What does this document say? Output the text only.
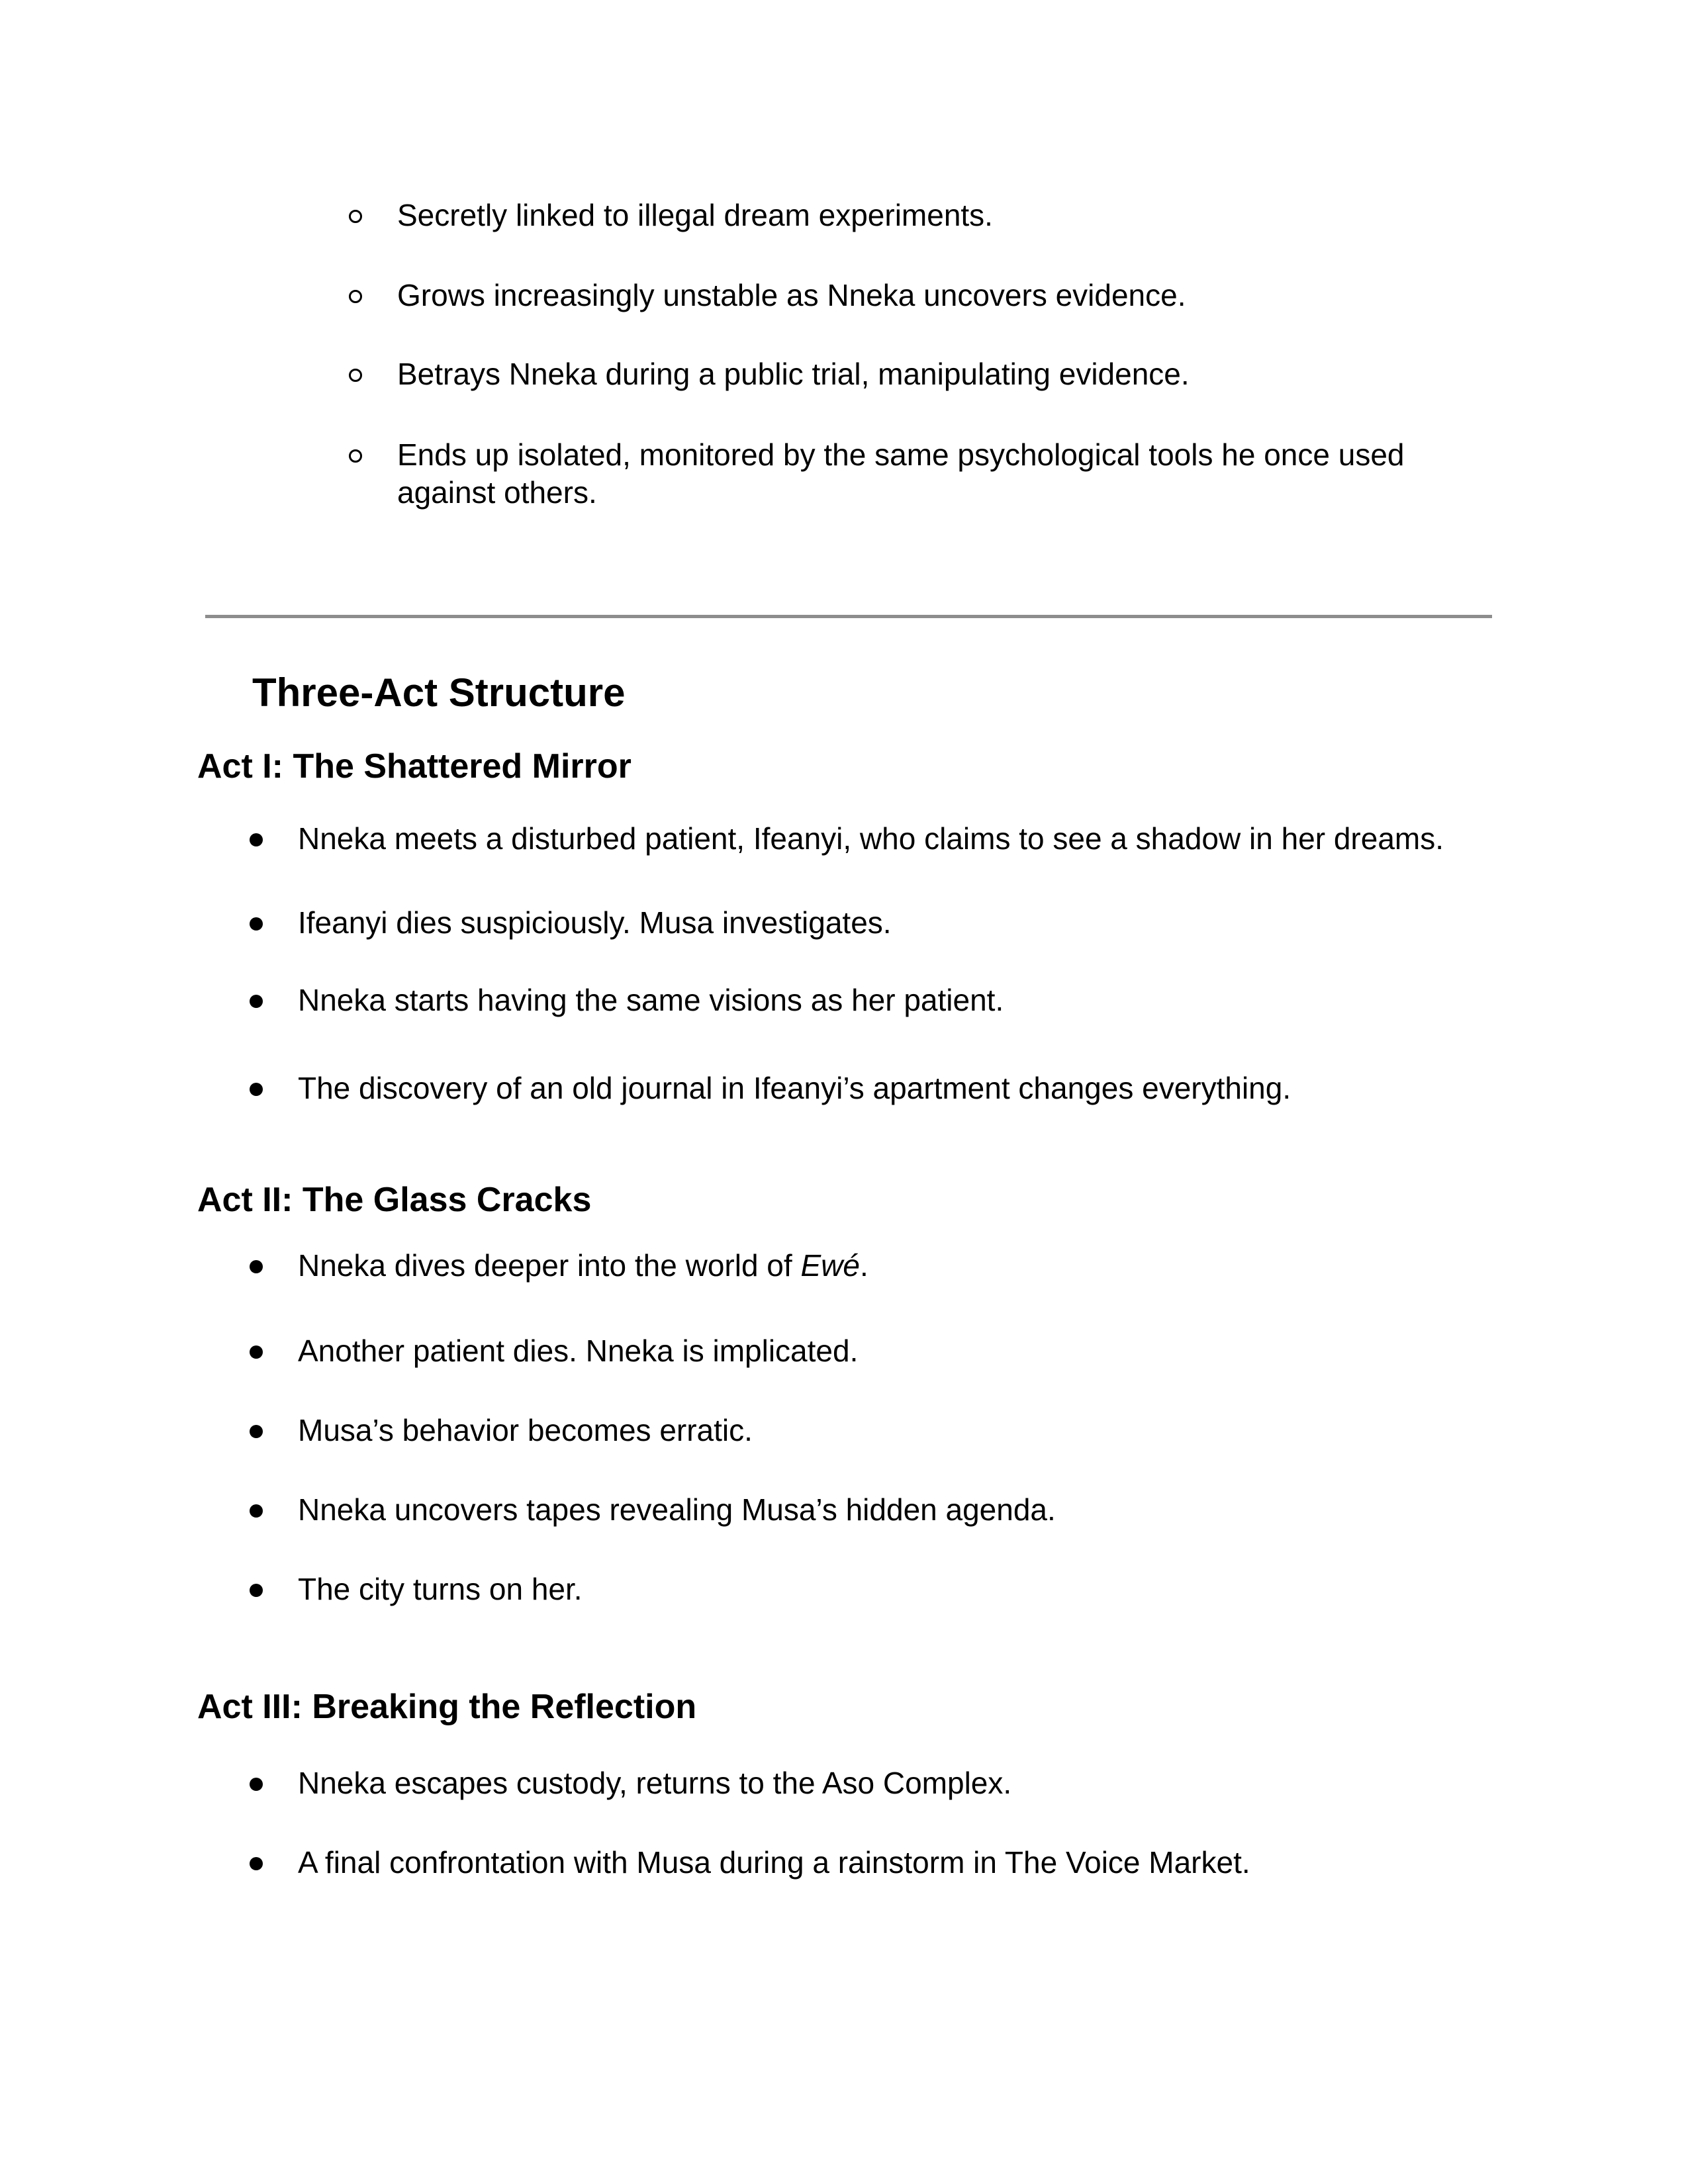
Secretly linked to illegal dream experiments.
Grows increasingly unstable as Nneka uncovers evidence.
Betrays Nneka during a public trial, manipulating evidence.
Ends up isolated, monitored by the same psychological tools he once used
against others.
Three-Act Structure
Act I: The Shattered Mirror
Nneka meets a disturbed patient, Ifeanyi, who claims to see a shadow in her dreams.
Ifeanyi dies suspiciously. Musa investigates.
Nneka starts having the same visions as her patient.
The discovery of an old journal in Ifeanyi’s apartment changes everything.
Act II: The Glass Cracks
Nneka dives deeper into the world of Ewé.
Another patient dies. Nneka is implicated.
Musa’s behavior becomes erratic.
Nneka uncovers tapes revealing Musa’s hidden agenda.
The city turns on her.
Act III: Breaking the Reflection
Nneka escapes custody, returns to the Aso Complex.
A final confrontation with Musa during a rainstorm in The Voice Market.
